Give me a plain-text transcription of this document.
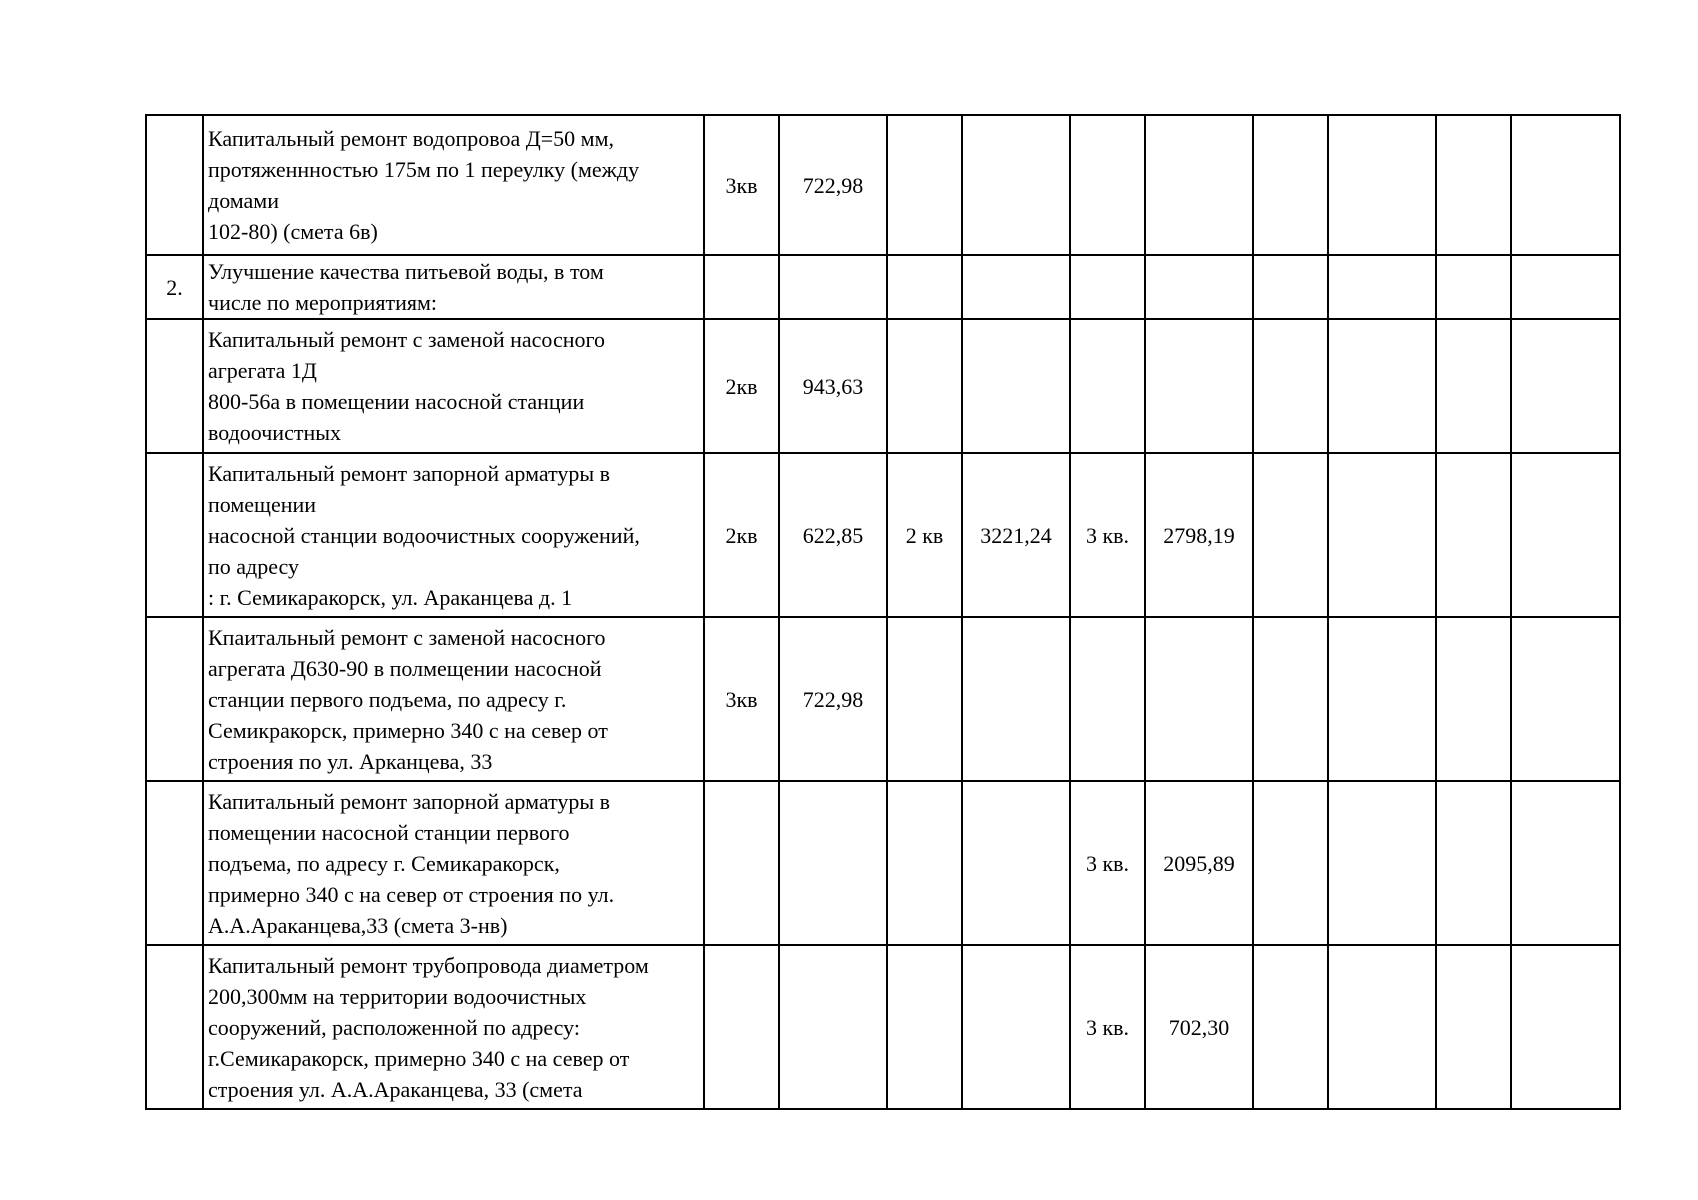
	Капитальный ремонт водопровоа Д=50 мм,
протяженнностью 175м по 1 переулку (между
домами
102-80) (смета 6в)	3кв	722,98								
2.	Улучшение качества питьевой воды, в том
числе по мероприятиям:										

	Капитальный ремонт с заменой насосного
агрегата 1Д
800-56а в помещении насосной станции
водоочистных	2кв	943,63								

	Капитальный ремонт запорной арматуры в
помещении
насосной станции водоочистных сооружений,
по адресу
: г. Семикаракорск, ул. Араканцева д. 1	2кв	622,85	2 кв	3221,24	3 кв.	2798,19				

	Кпаитальный ремонт с заменой насосного
агрегата Д630-90 в полмещении насосной
станции первого подъема, по адресу г.
Семикракорск, примерно 340 с на север от
строения по ул. Арканцева, 33	3кв	722,98								

	Капитальный ремонт запорной арматуры в
помещении насосной станции первого
подъема, по адресу г. Семикаракорск,
примерно 340 с на север от строения по ул.
А.А.Араканцева,33 (смета 3-нв)					3 кв.	2095,89				

	Капитальный ремонт трубопровода диаметром
200,300мм на территории водоочистных
сооружений, расположенной по адресу:
г.Семикаракорск, примерно 340 с на север от
строения ул. А.А.Араканцева, 33 (смета					3 кв.	702,30				
